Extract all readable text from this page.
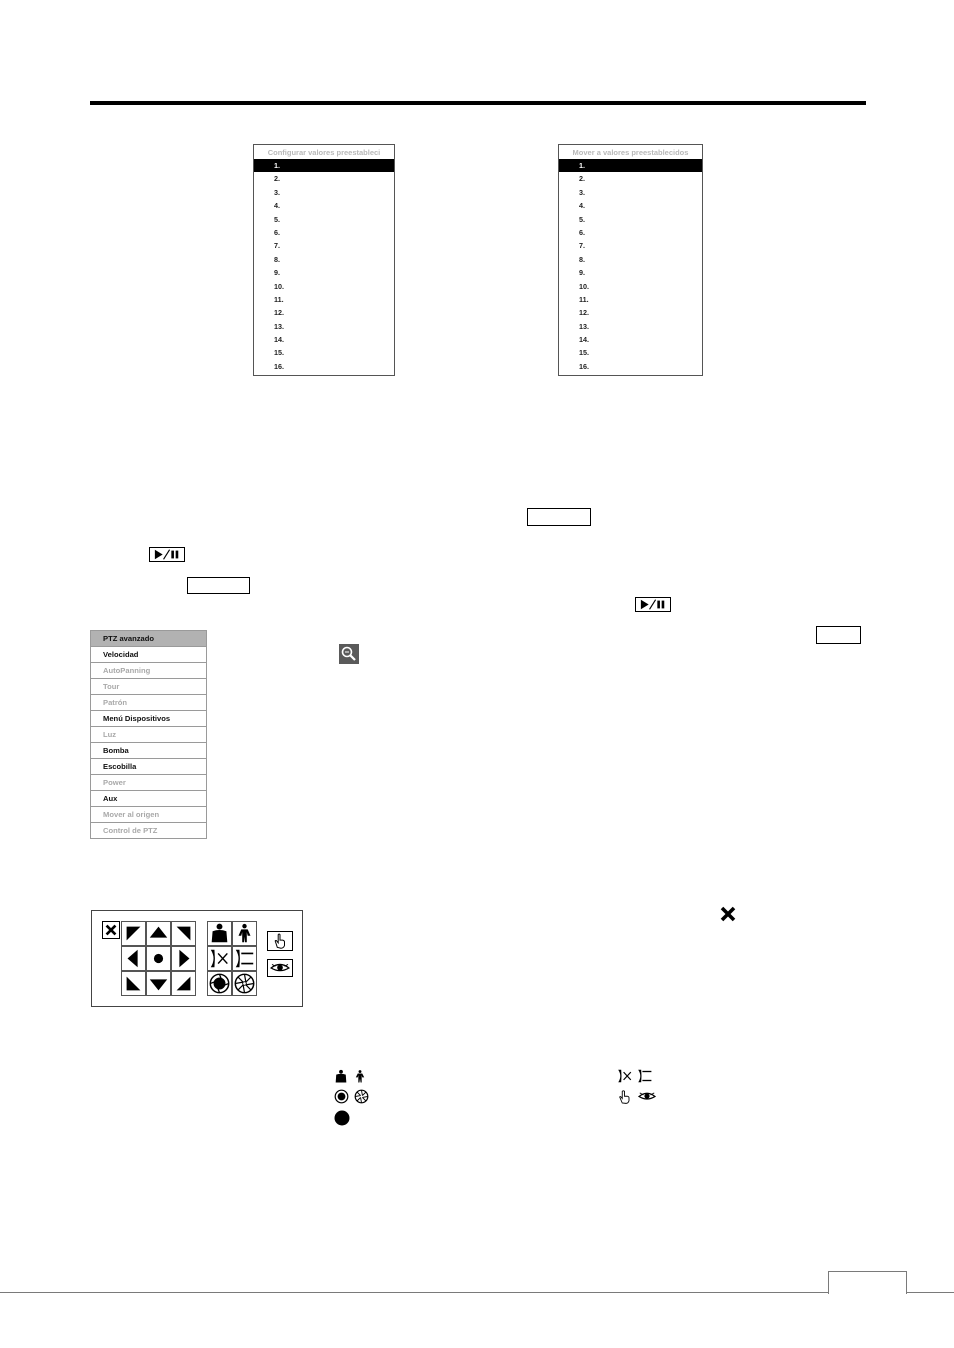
Configurar valores preestableci
1.
2.
3.
4.
5.
6.
7.
8.
9.
10.
11.
12.
13.
14.
15.
16.
Mover a valores preestablecidos
1.
2.
3.
4.
5.
6.
7.
8.
9.
10.
11.
12.
13.
14.
15.
16.
PTZ avanzado
Velocidad
AutoPanning
Tour
Patrón
Menú Dispositivos
Luz
Bomba
Escobilla
Power
Aux
Mover al origen
Control de PTZ
